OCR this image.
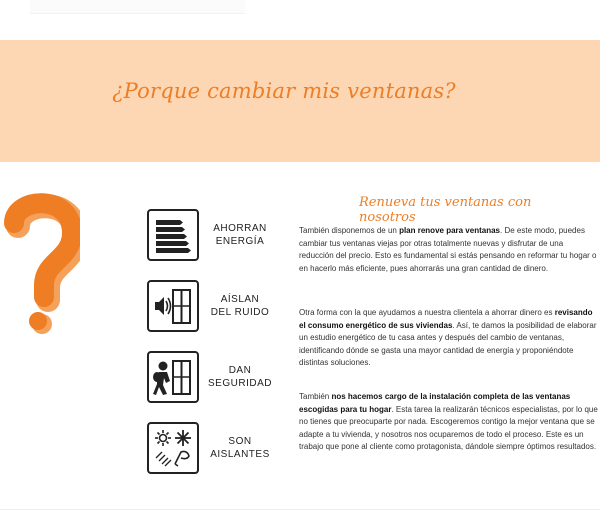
¿Porque cambiar mis ventanas?
AHORRAN
ENERGÍA
AÍSLAN
DEL RUIDO
DAN
SEGURIDAD
SON
AISLANTES
Renueva tus ventanas con nosotros

También disponemos de un plan renove para ventanas. De este modo, puedes cambiar tus ventanas viejas por otras totalmente nuevas y disfrutar de una reducción del precio. Esto es fundamental si estás pensando en reformar tu hogar o en hacerlo más eficiente, pues ahorrarás una gran cantidad de dinero.

Otra forma con la que ayudamos a nuestra clientela a ahorrar dinero es revisando el consumo energético de sus viviendas. Así, te damos la posibilidad de elaborar un estudio energético de tu casa antes y después del cambio de ventanas, identificando dónde se gasta una mayor cantidad de energía y proponiéndote distintas soluciones.

También nos hacemos cargo de la instalación completa de las ventanas escogidas para tu hogar. Esta tarea la realizarán técnicos especialistas, por lo que no tienes que preocuparte por nada. Escogeremos contigo la mejor ventana que se adapte a tu vivienda, y nosotros nos ocuparemos de todo el proceso. Este es un trabajo que pone al cliente como protagonista, dándole siempre óptimos resultados.
